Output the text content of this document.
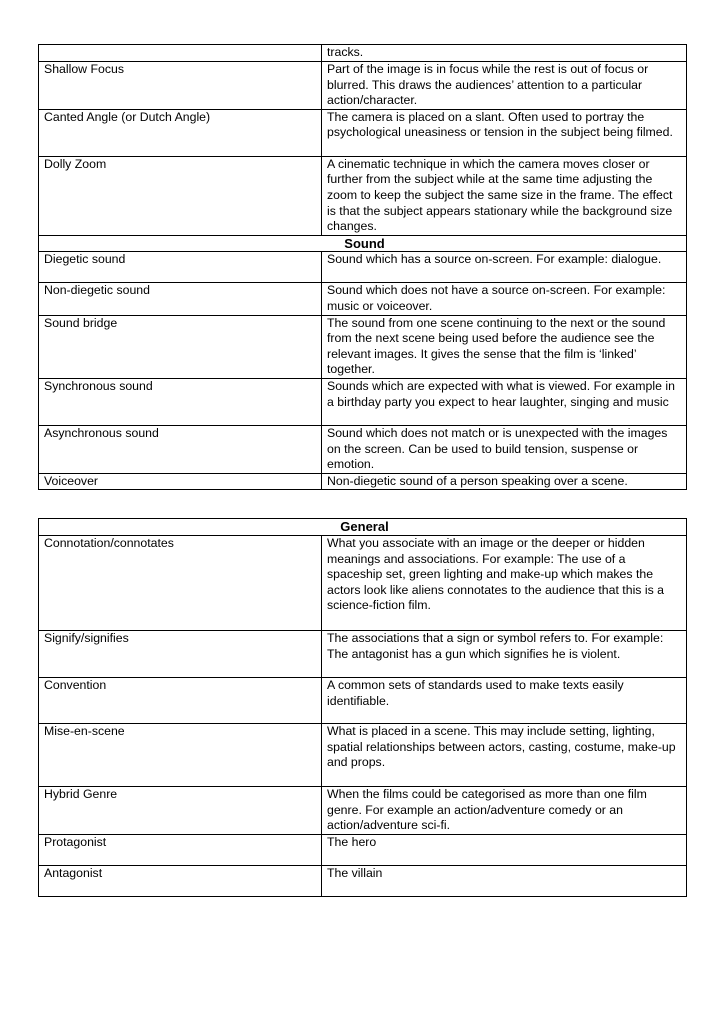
	tracks.
Shallow Focus	Part of the image is in focus while the rest is out of focus or blurred. This draws the audiences’ attention to a particular action/character.
Canted Angle (or Dutch Angle)	The camera is placed on a slant. Often used to portray the psychological uneasiness or tension in the subject being filmed.
Dolly Zoom	A cinematic technique in which the camera moves closer or further from the subject while at the same time adjusting the zoom to keep the subject the same size in the frame. The effect is that the subject appears stationary while the background size changes.
Sound	
Diegetic sound	Sound which has a source on-screen. For example: dialogue.
Non-diegetic sound	Sound which does not have a source on-screen. For example: music or voiceover.
Sound bridge	The sound from one scene continuing to the next or the sound from the next scene being used before the audience see the relevant images. It gives the sense that the film is ‘linked’ together.
Synchronous sound	Sounds which are expected with what is viewed. For example in a birthday party you expect to hear laughter, singing and music
Asynchronous sound	Sound which does not match or is unexpected with the images on the screen. Can be used to build tension, suspense or emotion.
Voiceover	Non-diegetic sound of a person speaking over a scene.
General	
Connotation/connotates	What you associate with an image or the deeper or hidden meanings and associations. For example: The use of a spaceship set, green lighting and make-up which makes the actors look like aliens connotates to the audience that this is a science-fiction film.
Signify/signifies	The associations that a sign or symbol refers to. For example: The antagonist has a gun which signifies he is violent.
Convention	A common sets of standards used to make texts easily identifiable.
Mise-en-scene	What is placed in a scene. This may include setting, lighting, spatial relationships between actors, casting, costume, make-up and props.
Hybrid Genre	When the films could be categorised as more than one film genre. For example an action/adventure comedy or an action/adventure sci-fi.
Protagonist	The hero
Antagonist	The villain
